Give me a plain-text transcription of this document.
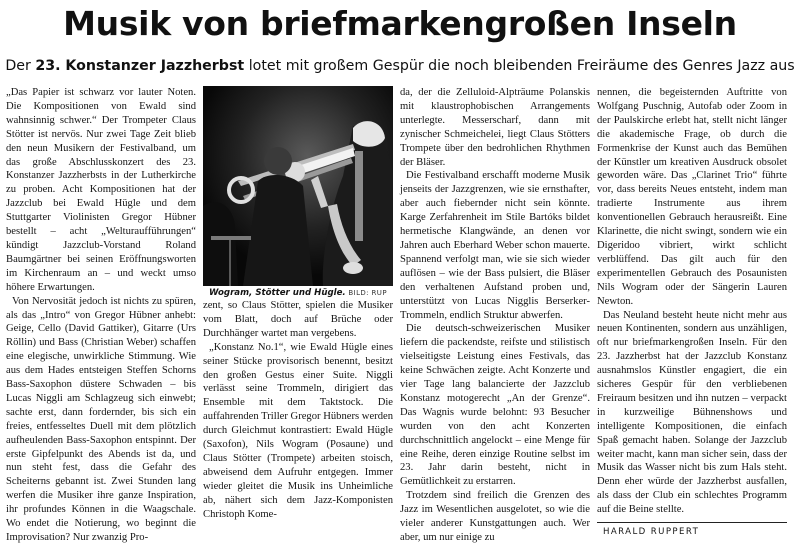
Musik von briefmarkengroßen Inseln

Der 23. Konstanzer Jazzherbst lotet mit großem Gespür die noch bleibenden Freiräume des Genres Jazz aus

„Das Papier ist schwarz vor lauter Noten. Die Kompositionen von Ewald sind wahnsinnig schwer.“ Der Trompeter Claus Stötter ist nervös. Nur zwei Tage Zeit blieb den neun Musikern der Festivalband, um das große Abschlusskonzert des 23. Konstanzer Jazzherbsts in der Lutherkirche zu proben. Acht Kompositionen hat der Jazzclub bei Ewald Hügle und dem Stuttgarter Violinisten Gregor Hübner bestellt – acht „Welturaufführungen“ kündigt Jazzclub-Vorstand Roland Baumgärtner bei seinen Eröffnungsworten im Kirchenraum an – und weckt umso höhere Erwartungen.

Von Nervosität jedoch ist nichts zu spüren, als das „Intro“ von Gregor Hübner anhebt: Geige, Cello (David Gattiker), Gitarre (Urs Röllin) und Bass (Christian Weber) schaffen eine elegische, unwirkliche Stimmung. Wie aus dem Hades entsteigen Steffen Schorns Bass-Saxophon düstere Schwaden – bis Lucas Niggli am Schlagzeug sich einwebt; sachte erst, dann fordernder, bis sich ein freies, entfesseltes Duell mit dem plötzlich aufheulenden Bass-Saxophon entspinnt. Der erste Gipfelpunkt des Abends ist da, und nun steht fest, dass die Gefahr des Scheiterns gebannt ist. Zwei Stunden lang werfen die Musiker ihre ganze Inspiration, ihr profundes Können in die Waagschale. Wo endet die Notierung, wo beginnt die Improvisation? Nur zwanzig Pro-

Wogram, Stötter und Hügle. BILD: RUP

zent, so Claus Stötter, spielen die Musiker vom Blatt, doch auf Brüche oder Durchhänger wartet man vergebens.

„Konstanz No.1“, wie Ewald Hügle eines seiner Stücke provisorisch benennt, besitzt den großen Gestus einer Suite. Niggli verlässt seine Trommeln, dirigiert das Ensemble mit dem Taktstock. Die auffahrenden Triller Gregor Hübners werden durch Gleichmut kontrastiert: Ewald Hügle (Saxofon), Nils Wogram (Posaune) und Claus Stötter (Trompete) arbeiten stoisch, abweisend dem Aufruhr entgegen. Immer wieder gleitet die Musik ins Unheimliche ab, nähert sich dem Jazz-Komponisten Christoph Kome-

da, der die Zelluloid-Alpträume Polanskis mit klaustrophobischen Arrangements unterlegte. Messerscharf, dann mit zynischer Schmeichelei, liegt Claus Stötters Trompete über den bedrohlichen Rhythmen der Bläser.

Die Festivalband erschafft moderne Musik jenseits der Jazzgrenzen, wie sie ernsthafter, aber auch fiebernder nicht sein könnte. Karge Zerfahrenheit im Stile Bartóks bildet hermetische Klangwände, an denen vor Jahren auch Eberhard Weber schon mauerte. Spannend verfolgt man, wie sie sich wieder auflösen – wie der Bass pulsiert, die Bläser den verhaltenen Aufstand proben und, unterstützt von Lucas Nigglis Berserker-Trommeln, endlich Struktur abwerfen.

Die deutsch-schweizerischen Musiker liefern die packendste, reifste und stilistisch vielseitigste Leistung eines Festivals, das keine Schwächen zeigte. Acht Konzerte und vier Tage lang balancierte der Jazzclub Konstanz motogerecht „An der Grenze“. Das Wagnis wurde belohnt: 93 Besucher wurden von den acht Konzerten durchschnittlich angelockt – eine Menge für eine Reihe, deren einzige Routine selbst im 23. Jahr darin besteht, nicht in Gemütlichkeit zu erstarren.

Trotzdem sind freilich die Grenzen des Jazz im Wesentlichen ausgelotet, so wie die vieler anderer Kunstgattungen auch. Wer aber, um nur einige zu

nennen, die begeisternden Auftritte von Wolfgang Puschnig, Autofab oder Zoom in der Paulskirche erlebt hat, stellt nicht länger die akademische Frage, ob durch die Formenkrise der Kunst auch das Bemühen der Künstler um kreativen Ausdruck obsolet geworden wäre. Das „Clarinet Trio“ führte vor, dass bereits Neues entsteht, indem man tradierte Instrumente aus ihrem konventionellen Gebrauch herausreißt. Eine Klarinette, die nicht swingt, sondern wie ein Digeridoo vibriert, wirkt schlicht verblüffend. Das gilt auch für den experimentellen Gebrauch des Posaunisten Nils Wogram oder der Sängerin Lauren Newton.

Das Neuland besteht heute nicht mehr aus neuen Kontinenten, sondern aus unzähligen, oft nur briefmarkengroßen Inseln. Für den 23. Jazzherbst hat der Jazzclub Konstanz ausnahmslos Künstler engagiert, die ein sicheres Gespür für den verbliebenen Freiraum besitzen und ihn nutzen – verpackt in kurzweilige Bühnenshows und intelligente Kompositionen, die einfach Spaß gemacht haben. Solange der Jazzclub weiter macht, kann man sicher sein, dass der Musik das Wasser nicht bis zum Hals steht. Denn eher würde der Jazzherbst ausfallen, als dass der Club ein schlechtes Programm auf die Beine stellte.

HARALD RUPPERT
